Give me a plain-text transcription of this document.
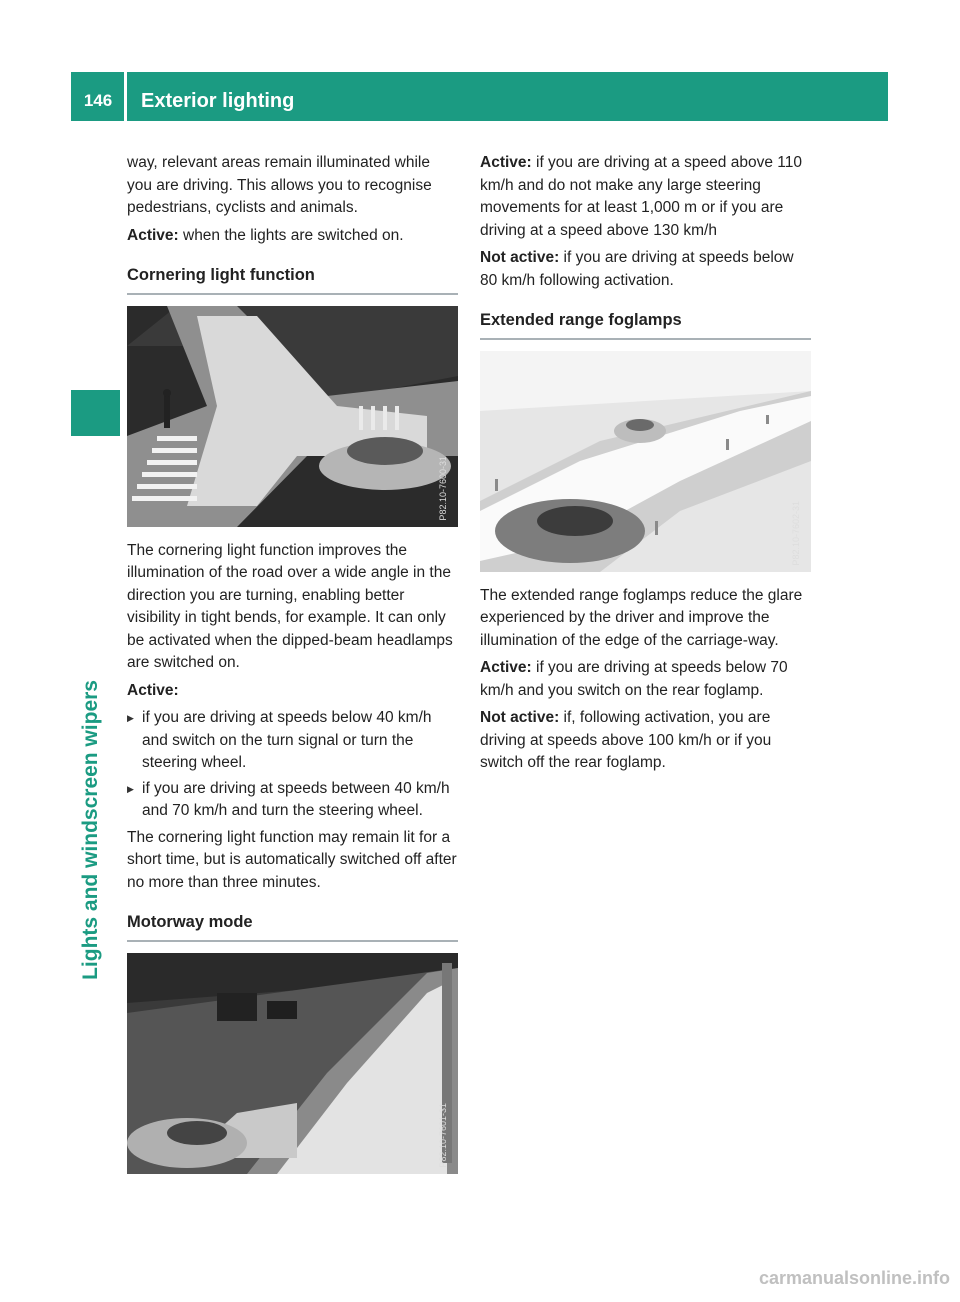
146	Exterior lighting
Lights and windscreen wipers

way, relevant areas remain illuminated while you are driving. This allows you to recognise pedestrians, cyclists and animals.

Active: when the lights are switched on.

Cornering light function
P82.10-7600-31

The cornering light function improves the illumination of the road over a wide angle in the direction you are turning, enabling better visibility in tight bends, for example. It can only be activated when the dipped-beam headlamps are switched on.

Active:

▶ if you are driving at speeds below 40 km/h and switch on the turn signal or turn the steering wheel.
▶ if you are driving at speeds between 40 km/h and 70 km/h and turn the steering wheel.

The cornering light function may remain lit for a short time, but is automatically switched off after no more than three minutes.

Motorway mode
P82.10-7601-31

Active: if you are driving at a speed above 110 km/h and do not make any large steering movements for at least 1,000 m or if you are driving at a speed above 130 km/h

Not active: if you are driving at speeds below 80 km/h following activation.

Extended range foglamps
P82.10-7602-31

The extended range foglamps reduce the glare experienced by the driver and improve the illumination of the edge of the carriage-way.

Active: if you are driving at speeds below 70 km/h and you switch on the rear foglamp.

Not active: if, following activation, you are driving at speeds above 100 km/h or if you switch off the rear foglamp.

carmanualsonline.info
